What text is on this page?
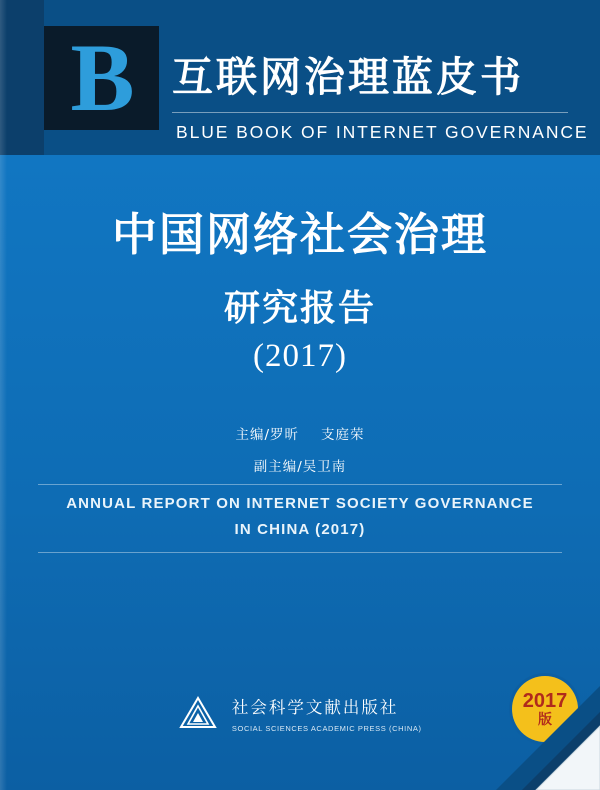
B 互联网治理蓝皮书
BLUE BOOK OF INTERNET GOVERNANCE
中国网络社会治理
研究报告
(2017)
主编/罗昕 支庭荣
副主编/吴卫南
ANNUAL REPORT ON INTERNET SOCIETY GOVERNANCE
IN CHINA (2017)
社会科学文献出版社
SOCIAL SCIENCES ACADEMIC PRESS (CHINA)
2017
版
